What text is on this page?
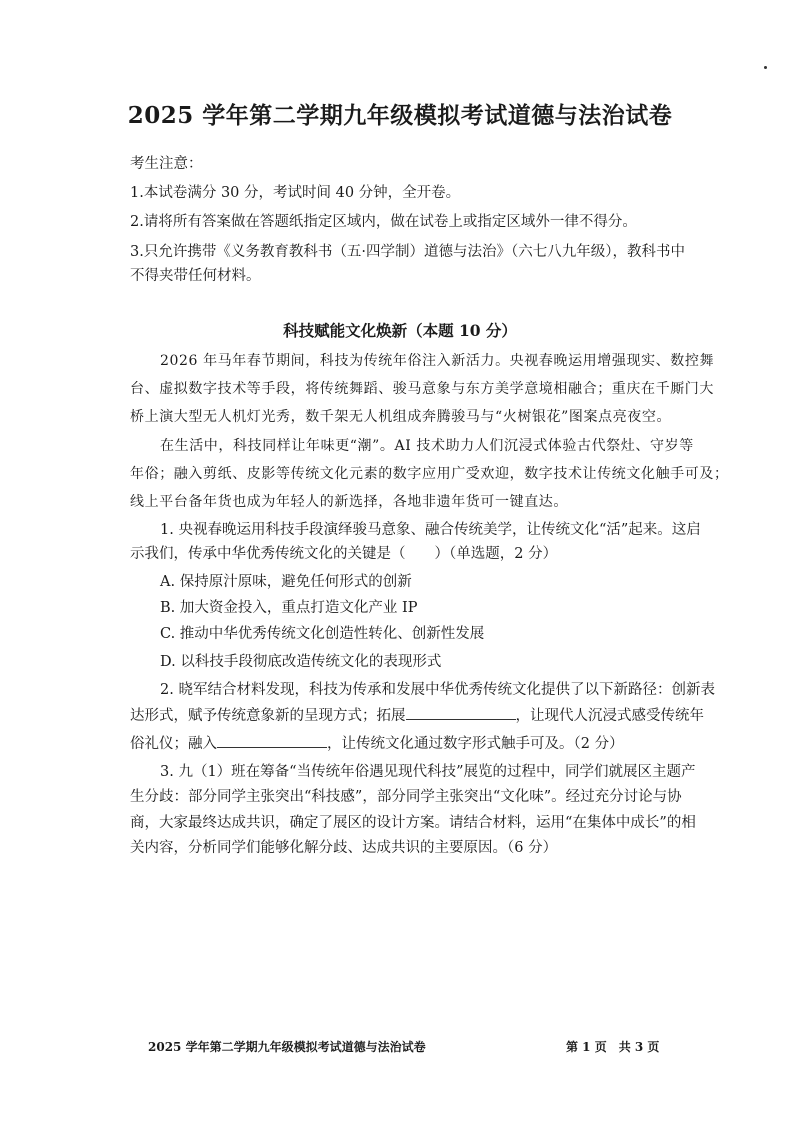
2025 学年第二学期九年级模拟考试道德与法治试卷
考生注意：
1.本试卷满分 30 分，考试时间 40 分钟，全开卷。
2.请将所有答案做在答题纸指定区域内，做在试卷上或指定区域外一律不得分。
3.只允许携带《义务教育教科书（五·四学制）道德与法治》（六七八九年级），教科书中
不得夹带任何材料。
科技赋能文化焕新（本题 10 分）
2026 年马年春节期间，科技为传统年俗注入新活力。央视春晚运用增强现实、数控舞
台、虚拟数字技术等手段，将传统舞蹈、骏马意象与东方美学意境相融合；重庆在千厮门大
桥上演大型无人机灯光秀，数千架无人机组成奔腾骏马与“火树银花”图案点亮夜空。
在生活中，科技同样让年味更“潮”。AI 技术助力人们沉浸式体验古代祭灶、守岁等
年俗；融入剪纸、皮影等传统文化元素的数字应用广受欢迎，数字技术让传统文化触手可及；
线上平台备年货也成为年轻人的新选择，各地非遗年货可一键直达。
1. 央视春晚运用科技手段演绎骏马意象、融合传统美学，让传统文化“活”起来。这启
示我们，传承中华优秀传统文化的关键是（　　）（单选题，2 分）
A. 保持原汁原味，避免任何形式的创新
B. 加大资金投入，重点打造文化产业 IP
C. 推动中华优秀传统文化创造性转化、创新性发展
D. 以科技手段彻底改造传统文化的表现形式
2. 晓军结合材料发现，科技为传承和发展中华优秀传统文化提供了以下新路径：创新表
达形式，赋予传统意象新的呈现方式；拓展	，让现代人沉浸式感受传统年
俗礼仪；融入	，让传统文化通过数字形式触手可及。（2 分）
3. 九（1）班在筹备“当传统年俗遇见现代科技”展览的过程中，同学们就展区主题产
生分歧：部分同学主张突出“科技感”，部分同学主张突出“文化味”。经过充分讨论与协
商，大家最终达成共识，确定了展区的设计方案。请结合材料，运用“在集体中成长”的相
关内容，分析同学们能够化解分歧、达成共识的主要原因。（6 分）
2025 学年第二学期九年级模拟考试道德与法治试卷	第 1 页　共 3 页
